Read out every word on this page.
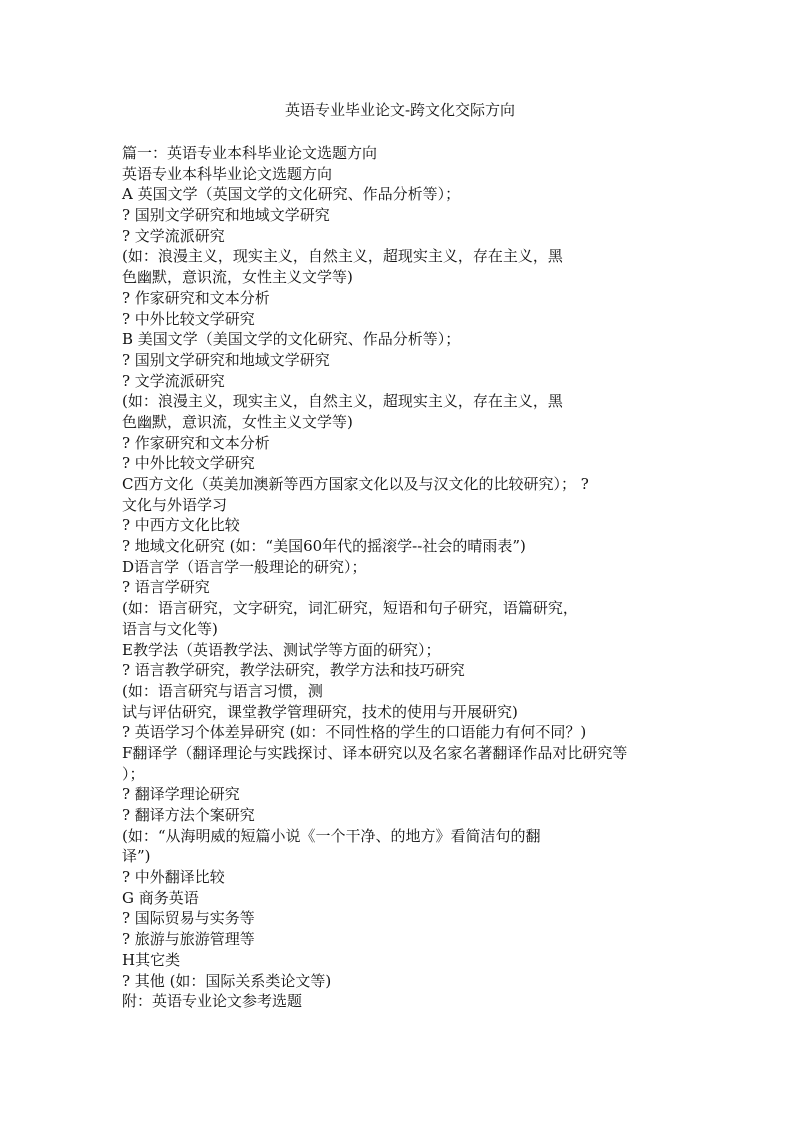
英语专业毕业论文-跨文化交际方向
篇一：英语专业本科毕业论文选题方向
英语专业本科毕业论文选题方向
A 英国文学（英国文学的文化研究、作品分析等）；
? 国别文学研究和地域文学研究
? 文学流派研究
(如：浪漫主义，现实主义，自然主义，超现实主义，存在主义，黑
色幽默，意识流，女性主义文学等)
? 作家研究和文本分析
? 中外比较文学研究
B 美国文学（美国文学的文化研究、作品分析等）；
? 国别文学研究和地域文学研究
? 文学流派研究
(如：浪漫主义，现实主义，自然主义，超现实主义，存在主义，黑
色幽默，意识流，女性主义文学等)
? 作家研究和文本分析
? 中外比较文学研究
C西方文化（英美加澳新等西方国家文化以及与汉文化的比较研究）； ?
文化与外语学习
? 中西方文化比较
? 地域文化研究 (如：“美国60年代的摇滚学--社会的晴雨表”)
D语言学（语言学一般理论的研究）；
? 语言学研究
(如：语言研究，文字研究，词汇研究，短语和句子研究，语篇研究，
语言与文化等)
E教学法（英语教学法、测试学等方面的研究）；
? 语言教学研究，教学法研究，教学方法和技巧研究
(如：语言研究与语言习惯，测
试与评估研究，课堂教学管理研究，技术的使用与开展研究)
? 英语学习个体差异研究 (如：不同性格的学生的口语能力有何不同？)
F翻译学（翻译理论与实践探讨、译本研究以及名家名著翻译作品对比研究等
）；
? 翻译学理论研究
? 翻译方法个案研究
(如：“从海明威的短篇小说《一个干净、的地方》看简洁句的翻
译”)
? 中外翻译比较
G 商务英语
? 国际贸易与实务等
? 旅游与旅游管理等
H其它类
? 其他 (如：国际关系类论文等)
附：英语专业论文参考选题
